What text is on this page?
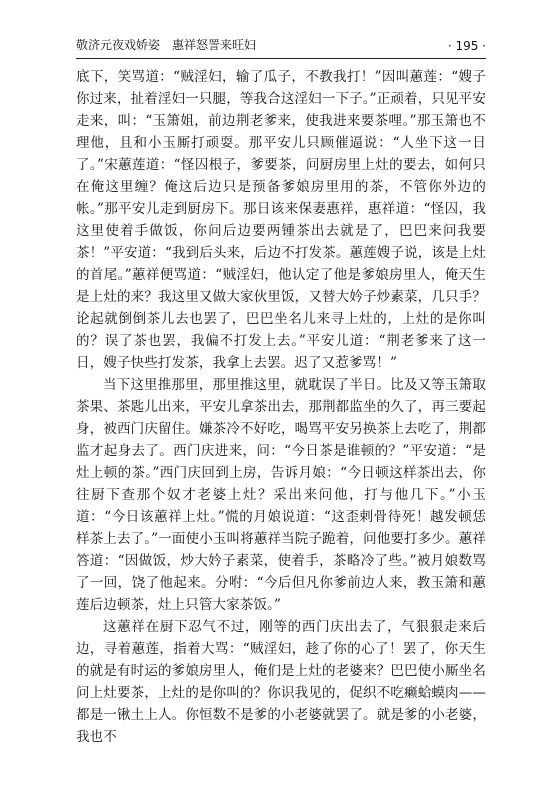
敬济元夜戏娇姿 惠祥怒詈来旺妇	· 195 ·

底下，笑骂道：“贼淫妇，输了瓜子，不教我打！”因叫蕙莲：“嫂子你过来，扯着淫妇一只腿，等我合这淫妇一下子。”正顽着，只见平安走来，叫：“玉箫姐，前边荆老爹来，使我进来要茶哩。”那玉箫也不理他，且和小玉厮打顽耍。那平安儿只顾催逼说：“人坐下这一日了。”宋蕙莲道：“怪囚根子，爹要茶，问厨房里上灶的要去，如何只在俺这里缠？俺这后边只是预备爹娘房里用的茶，不管你外边的帐。”那平安儿走到厨房下。那日该来保妻惠祥，惠祥道：“怪囚，我这里使着手做饭，你问后边要两锺茶出去就是了，巴巴来问我要茶！”平安道：“我到后头来，后边不打发茶。蕙莲嫂子说，该是上灶的首尾。”蕙祥便骂道：“贼淫妇，他认定了他是爹娘房里人，俺天生是上灶的来？我这里又做大家伙里饭，又替大妗子炒素菜，几只手？论起就倒倒茶儿去也罢了，巴巴坐名儿来寻上灶的，上灶的是你叫的？误了茶也罢，我偏不打发上去。”平安儿道：“荆老爹来了这一日，嫂子快些打发茶，我拿上去罢。迟了又惹爹骂！”

当下这里推那里，那里推这里，就耽误了半日。比及又等玉箫取茶果、茶匙儿出来，平安儿拿茶出去，那荆都监坐的久了，再三要起身，被西门庆留住。嫌茶冷不好吃，喝骂平安另换茶上去吃了，荆都监才起身去了。西门庆进来，问：“今日茶是谁顿的？”平安道：“是灶上顿的茶。”西门庆回到上房，告诉月娘：“今日顿这样茶出去，你往厨下查那个奴才老婆上灶？采出来问他，打与他几下。”小玉道：“今日该蕙祥上灶。”慌的月娘说道：“这歪剌骨待死！越发顿恁样茶上去了。”一面使小玉叫将蕙祥当院子跪着，问他要打多少。蕙祥答道：“因做饭，炒大妗子素菜，使着手，茶略冷了些。”被月娘数骂了一回，饶了他起来。分咐：“今后但凡你爹前边人来，教玉箫和蕙莲后边顿茶，灶上只管大家茶饭。”

这蕙祥在厨下忍气不过，刚等的西门庆出去了，气狠狠走来后边，寻着蕙莲，指着大骂：“贼淫妇，趁了你的心了！罢了，你天生的就是有时运的爹娘房里人，俺们是上灶的老婆来？巴巴使小厮坐名问上灶要茶，上灶的是你叫的？你识我见的，促织不吃癞蛤蟆肉——都是一锹土上人。你恒数不是爹的小老婆就罢了。就是爹的小老婆，我也不
